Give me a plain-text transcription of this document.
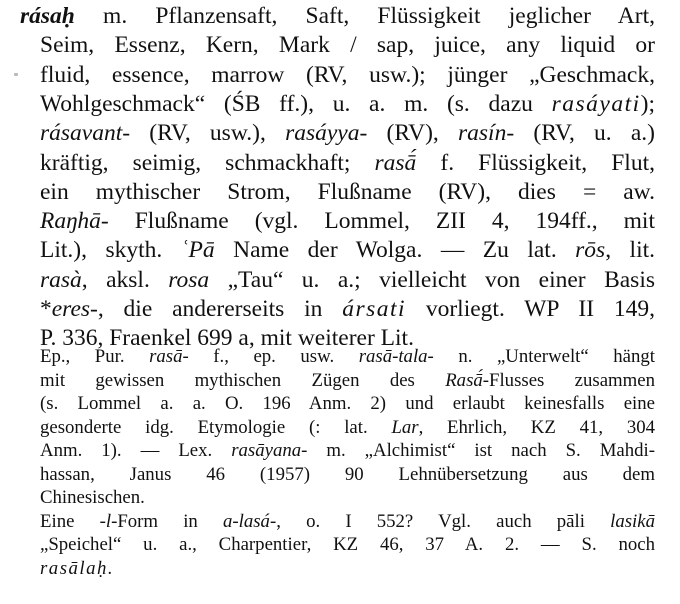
rásaḥ m. Pflanzensaft, Saft, Flüssigkeit jeglicher Art,
Seim, Essenz, Kern, Mark / sap, juice, any liquid or
fluid, essence, marrow (RV, usw.); jünger „Geschmack,
Wohlgeschmack“ (ŚB ff.), u. a. m. (s. dazu rasáyati);
rásavant- (RV, usw.), rasáyya- (RV), rasín- (RV, u. a.)
kräftig, seimig, schmackhaft; rasā́ f. Flüssigkeit, Flut,
ein mythischer Strom, Flußname (RV), dies = aw.
Raŋhā- Flußname (vgl. Lommel, ZII 4, 194ff., mit
Lit.), skyth. ʿPā Name der Wolga. — Zu lat. rōs, lit.
rasà, aksl. rosa „Tau“ u. a.; vielleicht von einer Basis
*eres-, die andererseits in ársati vorliegt. WP II 149,
P. 336, Fraenkel 699 a, mit weiterer Lit.
Ep., Pur. rasā- f., ep. usw. rasā-tala- n. „Unterwelt“ hängt
mit gewissen mythischen Zügen des Rasā́-Flusses zusammen
(s. Lommel a. a. O. 196 Anm. 2) und erlaubt keinesfalls eine
gesonderte idg. Etymologie (: lat. Lar, Ehrlich, KZ 41, 304
Anm. 1). — Lex. rasāyana- m. „Alchimist“ ist nach S. Mahdi-
hassan, Janus 46 (1957) 90 Lehnübersetzung aus dem
Chinesischen.
Eine -l-Form in a-lasá-, o. I 552? Vgl. auch pāli lasikā
„Speichel“ u. a., Charpentier, KZ 46, 37 A. 2. — S. noch
rasālaḥ.
